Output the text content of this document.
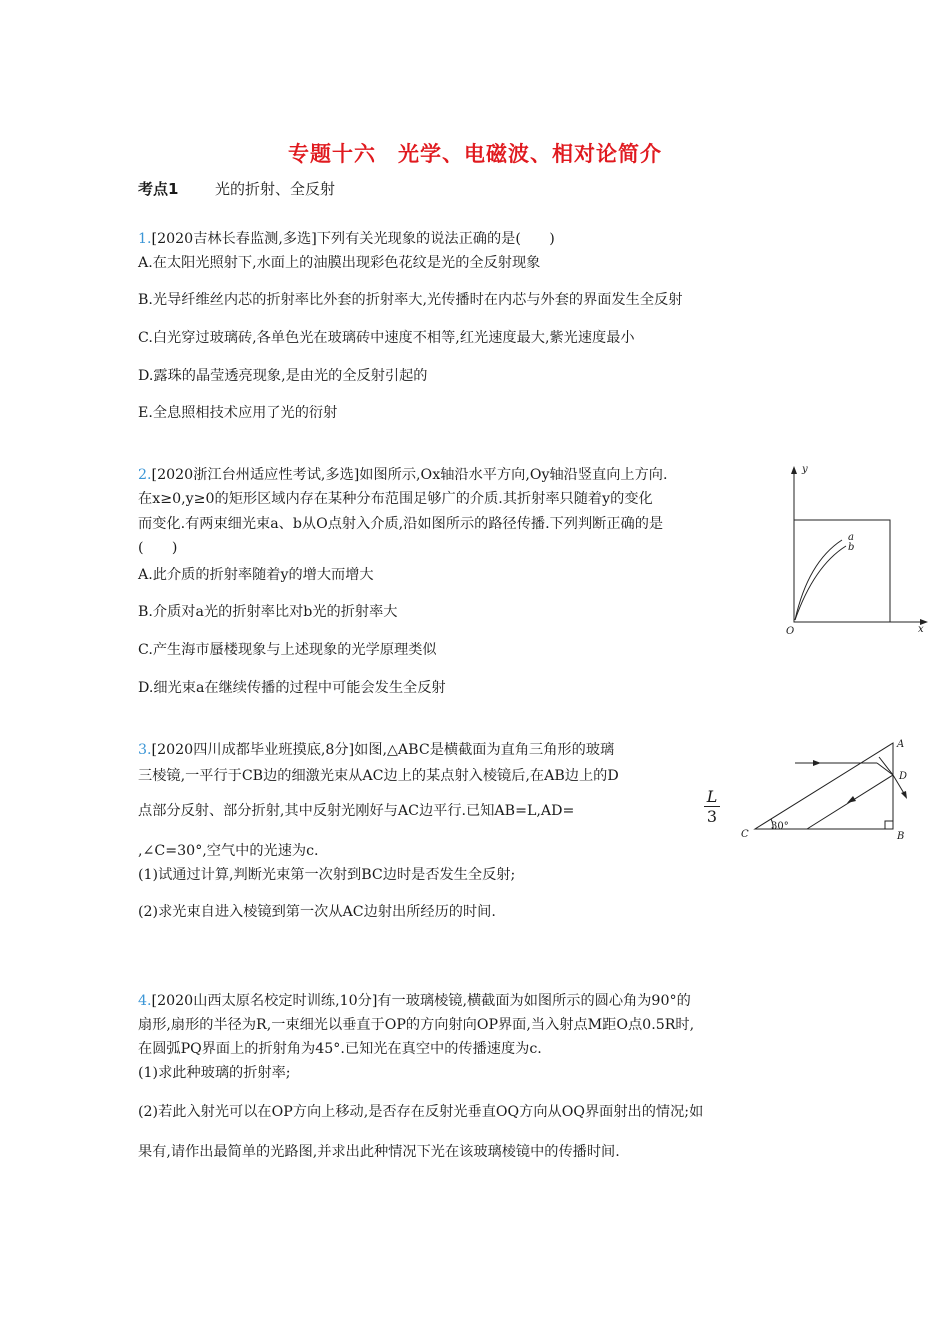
专题十六　光学、电磁波、相对论简介
考点1 光的折射、全反射
1.[2020吉林长春监测,多选]下列有关光现象的说法正确的是(　　)
A.在太阳光照射下,水面上的油膜出现彩色花纹是光的全反射现象
B.光导纤维丝内芯的折射率比外套的折射率大,光传播时在内芯与外套的界面发生全反射
C.白光穿过玻璃砖,各单色光在玻璃砖中速度不相等,红光速度最大,紫光速度最小
D.露珠的晶莹透亮现象,是由光的全反射引起的
E.全息照相技术应用了光的衍射
2.[2020浙江台州适应性考试,多选]如图所示,Ox轴沿水平方向,Oy轴沿竖直向上方向.
在x≥0,y≥0的矩形区域内存在某种分布范围足够广的介质.其折射率只随着y的变化
而变化.有两束细光束a、b从O点射入介质,沿如图所示的路径传播.下列判断正确的是
(　　)
A.此介质的折射率随着y的增大而增大
B.介质对a光的折射率比对b光的折射率大
C.产生海市蜃楼现象与上述现象的光学原理类似
D.细光束a在继续传播的过程中可能会发生全反射
y
x
O
a
b
3.[2020四川成都毕业班摸底,8分]如图,△ABC是横截面为直角三角形的玻璃
三棱镜,一平行于CB边的细激光束从AC边上的某点射入棱镜后,在AB边上的D
点部分反射、部分折射,其中反射光刚好与AC边平行.已知AB=L,AD=
L
3
,∠C=30°,空气中的光速为c.
(1)试通过计算,判断光束第一次射到BC边时是否发生全反射;
(2)求光束自进入棱镜到第一次从AC边射出所经历的时间.
A
B
C
D
30°
4.[2020山西太原名校定时训练,10分]有一玻璃棱镜,横截面为如图所示的圆心角为90°的
扇形,扇形的半径为R,一束细光以垂直于OP的方向射向OP界面,当入射点M距O点0.5R时,
在圆弧PQ界面上的折射角为45°.已知光在真空中的传播速度为c.
(1)求此种玻璃的折射率;
(2)若此入射光可以在OP方向上移动,是否存在反射光垂直OQ方向从OQ界面射出的情况;如
果有,请作出最简单的光路图,并求出此种情况下光在该玻璃棱镜中的传播时间.
